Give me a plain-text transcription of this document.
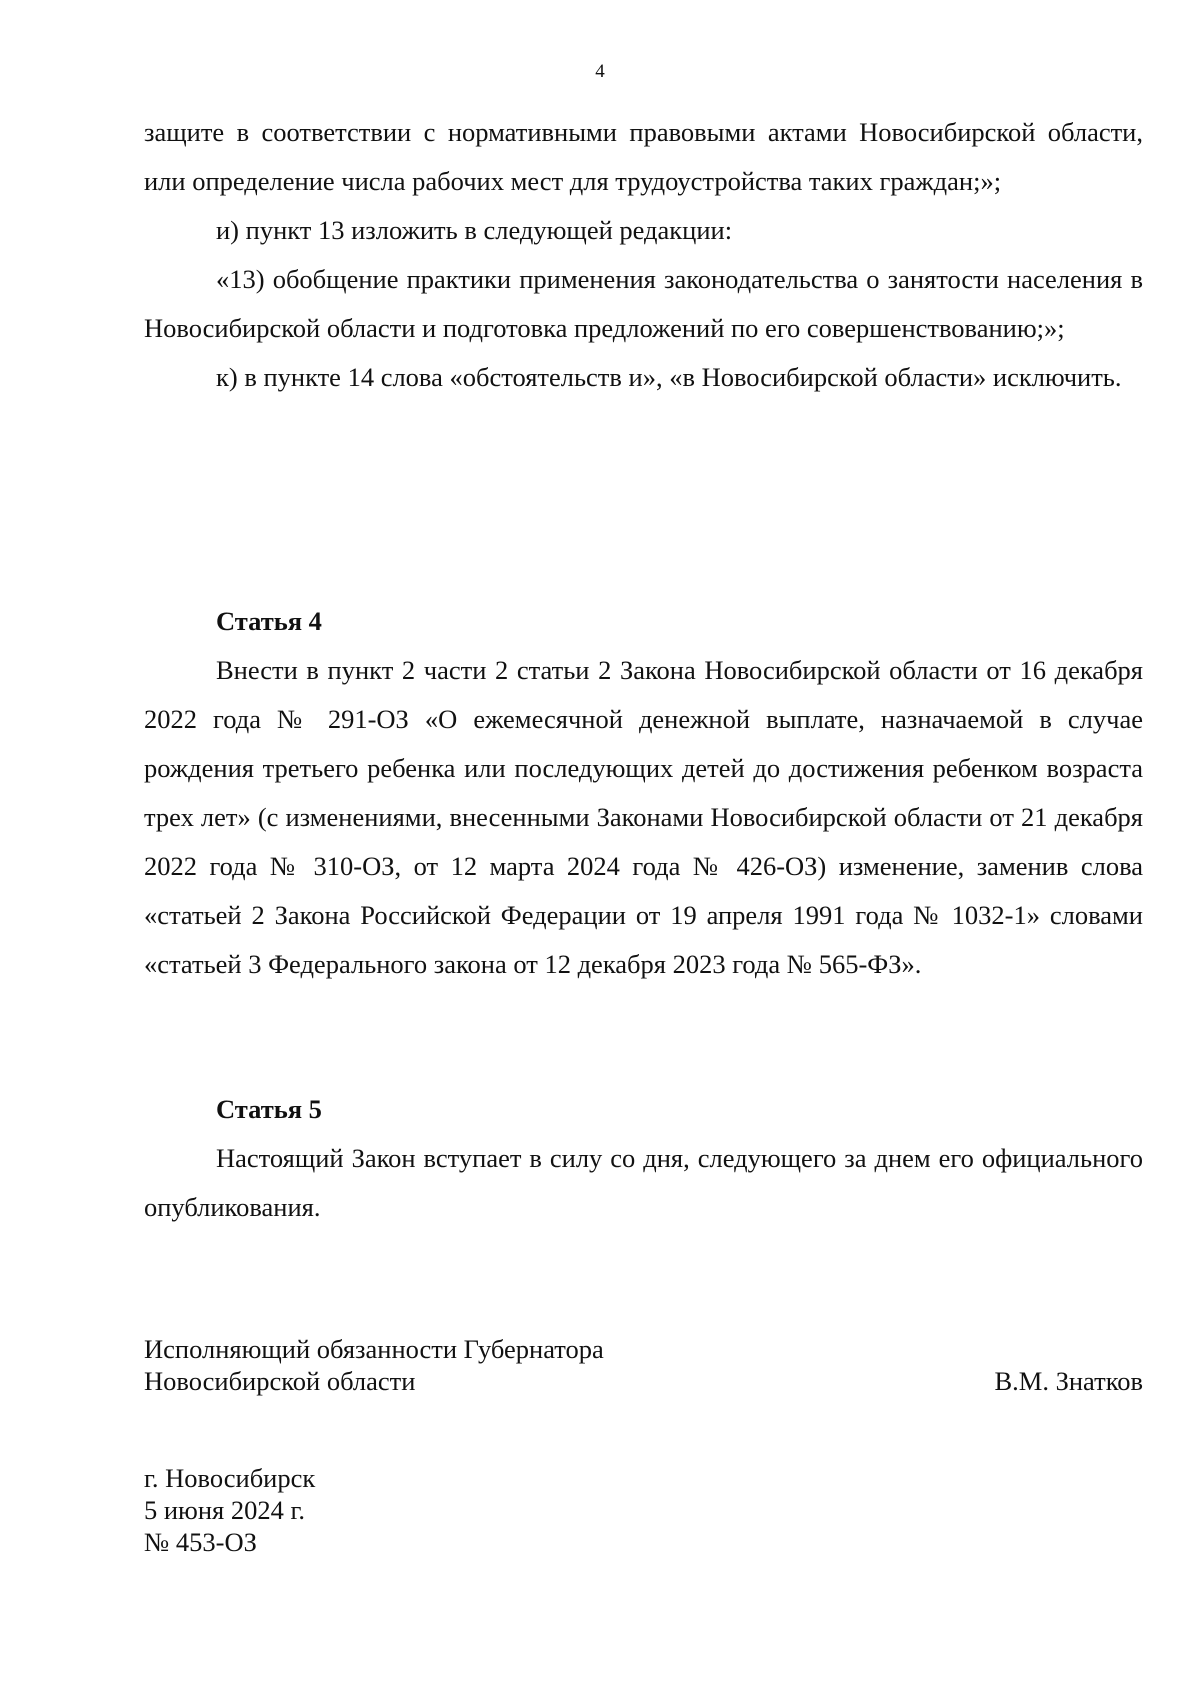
4

защите в соответствии с нормативными правовыми актами Новосибирской области, или определение числа рабочих мест для трудоустройства таких граждан;»;

и) пункт 13 изложить в следующей редакции:

«13) обобщение практики применения законодательства о занятости населения в Новосибирской области и подготовка предложений по его совершенствованию;»;

к) в пункте 14 слова «обстоятельств и», «в Новосибирской области» исключить.

Статья 4

Внести в пункт 2 части 2 статьи 2 Закона Новосибирской области от 16 декабря 2022 года № 291-ОЗ «О ежемесячной денежной выплате, назначаемой в случае рождения третьего ребенка или последующих детей до достижения ребенком возраста трех лет» (с изменениями, внесенными Законами Новосибирской области от 21 декабря 2022 года № 310-ОЗ, от 12 марта 2024 года № 426-ОЗ) изменение, заменив слова «статьей 2 Закона Российской Федерации от 19 апреля 1991 года № 1032-1» словами «статьей 3 Федерального закона от 12 декабря 2023 года № 565-ФЗ».

Статья 5

Настоящий Закон вступает в силу со дня, следующего за днем его официального опубликования.

Исполняющий обязанности Губернатора
Новосибирской области	В.М. Знатков
г. Новосибирск
5 июня 2024 г.
№ 453-ОЗ
